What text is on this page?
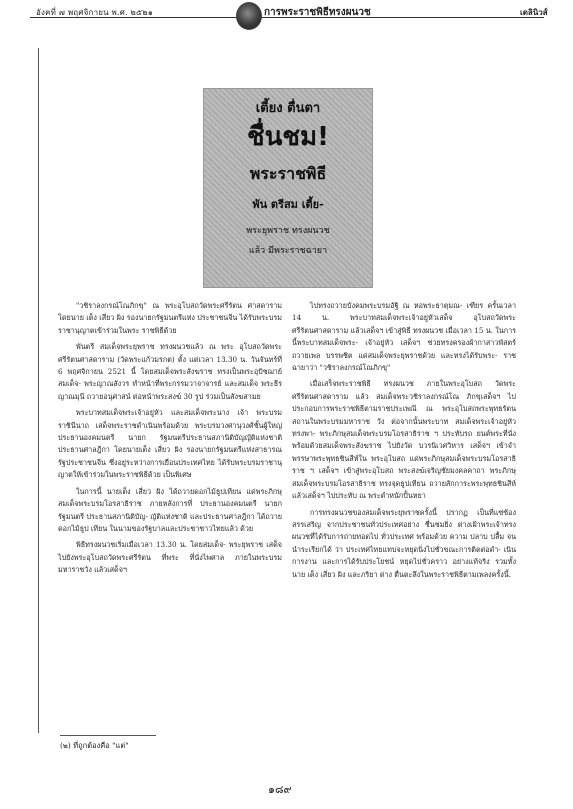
อังคที่ ๗ พฤศจิกายน พ.ศ. ๒๕๒๑	การพระราชพิธีทรงผนวช	เดลินิวส์
เตี้ยง ตื่นตา
ชื่นชม!
พระราชพิธี
พัน ตรีสม เตี้ย-
พระยุพราช ทรงผนวช
แล้ว มีพระราชฉายา

"วชิราลงกรณ์โณภิกขุ" ณ พระอุโบสถวัดพระศรีรัตน ศาสดาราม โดยนาย เต็ง เสี่ยว ผิง รองนายกรัฐมนตรีแห่ง ประชาชนจีน ได้รับพระบรมราชานุญาตเข้าร่วมในพระ ราชพิธีด้วย

พันตรี สมเด็จพระยุพราช ทรงผนวชแล้ว ณ พระ อุโบสถวัดพระศรีรัตนศาสดาราม (วัดพระแก้วมรกต) ตั้ง แต่เวลา 13.30 น. วันจันทร์ที่ 6 พฤศจิกายน 2521 นี้ โดยสมเด็จพระสังฆราช ทรงเป็นพระอุปัชฌาย์ สมเด็จ- พระญาณสังวร ทำหน้าที่พระกรรมวาจาจารย์ และสมเด็จ พระธีรญาณมุนี ถวายอนุศาสน์ ต่อหน้าพระสงฆ์ 30 รูป ร่วมเป็นสังฆสามย

พระบาทสมเด็จพระเจ้าอยู่หัว และสมเด็จพระนาง เจ้า พระบรมราชินีนาถ เสด็จพระราชดำเนินพร้อมด้วย พระบรมวงศานุวงศ์ชั้นผู้ใหญ่ ประธานองคมนตรี นายก รัฐมนตรีประธานสภานิติบัญญัติแห่งชาติประธานศาลฎีกา โดยนายเต็ง เสี่ยว ผิง รองนายกรัฐมนตรีแห่งสาธารณ รัฐประชาชนจีน ซึ่งอยู่ระหว่างการเยือนประเทศไทย ได้รับพระบรมราชานุญาตให้เข้าร่วมในพระราชพิธีด้วย เป็นพิเศษ

ในการนี้ นายเต็ง เสี่ยว ผิง ได้ถวายดอกไม้ธูปเทียน แด่พระภิกษุสมเด็จพระบรมโอรสาธิราช ภายหลังการที่ ประธานองคมนตรี นายกรัฐมนตรี ประธานสภานิติบัญ- ญัติแห่งชาติ และประธานศาลฎีกา ได้ถวายดอกไม้ธูป เทียน ในนามของรัฐบาลและประชาชาวไทยแล้ว ด้วย

พิธีทรงผนวชเริ่มเมื่อเวลา 13.30 น. โดยสมเด็จ- พระยุพราช เสด็จไปยังพระอุโบสถวัดพระศรีรัตน ที่พระ ที่นั่งไพศาล ภายในพระบรมมหาราชวัง แล้วเสด็จฯ

ไปทรงถวายบังคมพระบรมอัฐิ ณ หอพระธาตุมณ- เฑียร ครั้นเวลา 14 น. พระบาทสมเด็จพระเจ้าอยู่หัวเสด็จ อุโบสถวัดพระศรีรัตนศาสดาราม แล้วเสด็จฯ เข้าสู่พิธี ทรงผนวช เมื่อเวลา 15 น. ในการนี้พระบาทสมเด็จพระ- เจ้าอยู่หัว เสด็จฯ ช่วยทรงครองผ้ากาสาวพัสตร์ถวายเพล บรรพชิต แด่สมเด็จพระยุพราชด้วย และทรงได้รับพระ- ราชฉายาว่า "วชิราลงกรณ์โณภิกขุ"

เมื่อเสร็จพระราชพิธี ทรงผนวช ภายในพระอุโบสถ วัดพระศรีรัตนศาสดาราม แล้ว สมเด็จพระวชิราลงกรณ์โณ ภิกขุเสด็จฯ ไปประกอบการพระราชพิธีตามราชประเพณี ณ พระอุโบสถพระพุทธรัตนสถานในพระบรมมหาราช วัง ต่อจากนั้นพระบาท สมเด็จพระเจ้าอยู่หัว ทรงพา- พระภิกษุสมเด็จพระบรมโอรสาธิราช ฯ ประทับรถ ยนต์พระที่นั่งพร้อมด้วยสมเด็จพระสังฆราช ไปยังวัด บวรนิเวศวิหาร เสด็จฯ เข้าจำพรรษาพระพุทธชินสีห์ใน พระอุโบสถ แด่พระภิกษุสมเด็จพระบรมโอรสาธิราช ฯ เสด็จฯ เข้าสู่พระอุโบสถ พระสงฆ์เจริญชัยมงคลคาถา พระภิกษุสมเด็จพระบรมโอรสาธิราช ทรงจุดธูปเทียน ถวายสักการะพระพุทธชินสีห์ แล้วเสด็จฯ ไปประทับ ณ พระตำหนักปั้นหยา

การทรงผนวชของสมเด็จพระยุพราชครั้งนี้ ปรากฏ เป็นที่แซ่ซ้องสรรเสริญ จากประชาชนทั่วประเทศอย่าง ชื่นชมยิ่ง ต่างเฝ้าพระเจ้าทรงผนวชที่ได้รับการถ่ายทอดไป ทั่วประเทศ พร้อมด้วย ความ ปลาบ ปลื้ม จนนำระเรียกได้ ว่า ประเทศไทยแทบจะหยุดนิ่งไปชั่วขณะการติดต่อดำ- เนินการงาน และการได้รับประโยชน์ หยุดไปชั่วคราว อย่างแท้จริง รวมทั้ง นาย เต็ง เสี่ยว ผิง และภริยา ต่าง ตื่นตะลึงในพระราชพิธีตามเพลงครั้งนี้.

(๒) ที่ถูกต้องคือ "แต่"
๑๘๙
